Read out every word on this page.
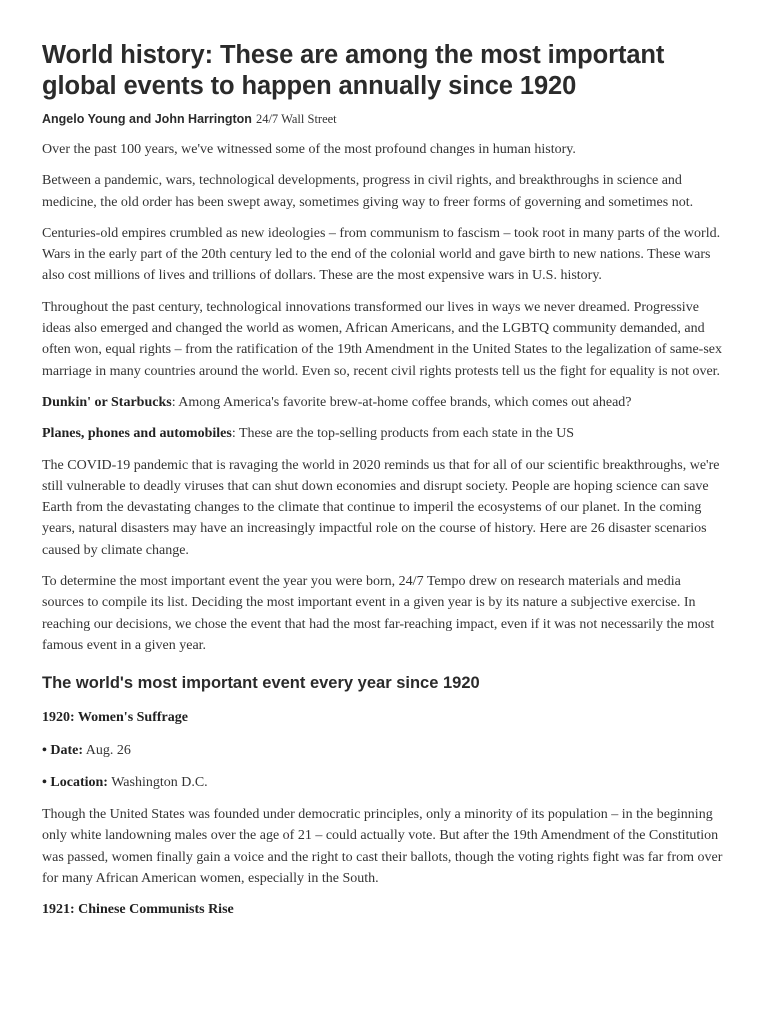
World history: These are among the most important global events to happen annually since 1920
Angelo Young and John Harrington 24/7 Wall Street

Over the past 100 years, we've witnessed some of the most profound changes in human history.

Between a pandemic, wars, technological developments, progress in civil rights, and breakthroughs in science and medicine, the old order has been swept away, sometimes giving way to freer forms of governing and sometimes not.

Centuries-old empires crumbled as new ideologies – from communism to fascism – took root in many parts of the world. Wars in the early part of the 20th century led to the end of the colonial world and gave birth to new nations. These wars also cost millions of lives and trillions of dollars. These are the most expensive wars in U.S. history.

Throughout the past century, technological innovations transformed our lives in ways we never dreamed. Progressive ideas also emerged and changed the world as women, African Americans, and the LGBTQ community demanded, and often won, equal rights – from the ratification of the 19th Amendment in the United States to the legalization of same-sex marriage in many countries around the world. Even so, recent civil rights protests tell us the fight for equality is not over.

Dunkin' or Starbucks: Among America's favorite brew-at-home coffee brands, which comes out ahead?

Planes, phones and automobiles: These are the top-selling products from each state in the US

The COVID-19 pandemic that is ravaging the world in 2020 reminds us that for all of our scientific breakthroughs, we're still vulnerable to deadly viruses that can shut down economies and disrupt society. People are hoping science can save Earth from the devastating changes to the climate that continue to imperil the ecosystems of our planet. In the coming years, natural disasters may have an increasingly impactful role on the course of history. Here are 26 disaster scenarios caused by climate change.

To determine the most important event the year you were born, 24/7 Tempo drew on research materials and media sources to compile its list. Deciding the most important event in a given year is by its nature a subjective exercise. In reaching our decisions, we chose the event that had the most far-reaching impact, even if it was not necessarily the most famous event in a given year.

The world's most important event every year since 1920

1920: Women's Suffrage

• Date: Aug. 26

• Location: Washington D.C.

Though the United States was founded under democratic principles, only a minority of its population – in the beginning only white landowning males over the age of 21 – could actually vote. But after the 19th Amendment of the Constitution was passed, women finally gain a voice and the right to cast their ballots, though the voting rights fight was far from over for many African American women, especially in the South.

1921: Chinese Communists Rise
